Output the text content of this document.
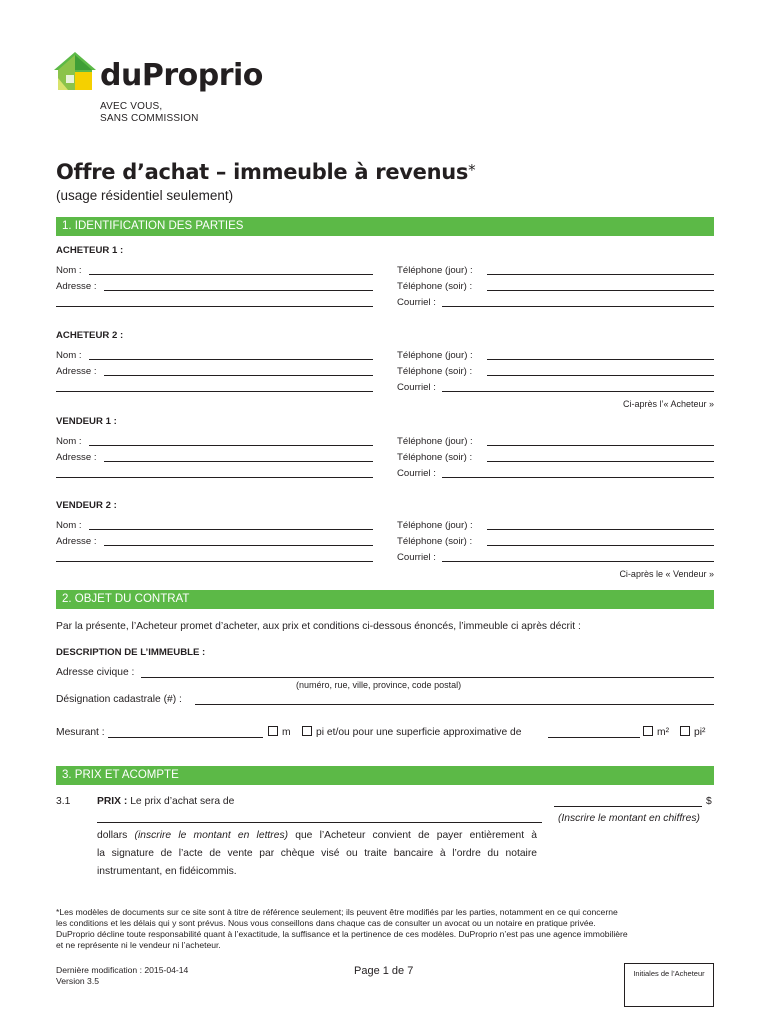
duProprio
AVEC VOUS,
SANS COMMISSION
Offre d’achat – immeuble à revenus*
(usage résidentiel seulement)
1. IDENTIFICATION DES PARTIES
ACHETEUR 1 :
Nom :
Adresse :
Téléphone (jour) :
Téléphone (soir) :
Courriel :
ACHETEUR 2 :
Nom :
Adresse :
Téléphone (jour) :
Téléphone (soir) :
Courriel :
Ci-après l’« Acheteur »
VENDEUR 1 :
Nom :
Adresse :
Téléphone (jour) :
Téléphone (soir) :
Courriel :
VENDEUR 2 :
Nom :
Adresse :
Téléphone (jour) :
Téléphone (soir) :
Courriel :
Ci-après le « Vendeur »
2. OBJET DU CONTRAT
Par la présente, l’Acheteur promet d’acheter, aux prix et conditions ci-dessous énoncés, l’immeuble ci après décrit :
DESCRIPTION DE L’IMMEUBLE :
Adresse civique :
(numéro, rue, ville, province, code postal)
Désignation cadastrale (#) :
Mesurant :	m pi et/ou pour une superficie approximative de	m² pi²
3. PRIX ET ACOMPTE
3.1	PRIX : Le prix d’achat sera de	$
(Inscrire le montant en chiffres)
dollars (inscrire le montant en lettres) que l’Acheteur convient de payer entièrement à
la signature de l’acte de vente par chèque visé ou traite bancaire à l’ordre du notaire
instrumentant, en fidéicommis.
*Les modèles de documents sur ce site sont à titre de référence seulement; ils peuvent être modifiés par les parties, notamment en ce qui concerne
les conditions et les délais qui y sont prévus. Nous vous conseillons dans chaque cas de consulter un avocat ou un notaire en pratique privée.
DuProprio décline toute responsabilité quant à l’exactitude, la suffisance et la pertinence de ces modèles. DuProprio n’est pas une agence immobilière
et ne représente ni le vendeur ni l’acheteur.
Dernière modification : 2015-04-14
Version 3.5
Page 1 de 7	Initiales de l’Acheteur
